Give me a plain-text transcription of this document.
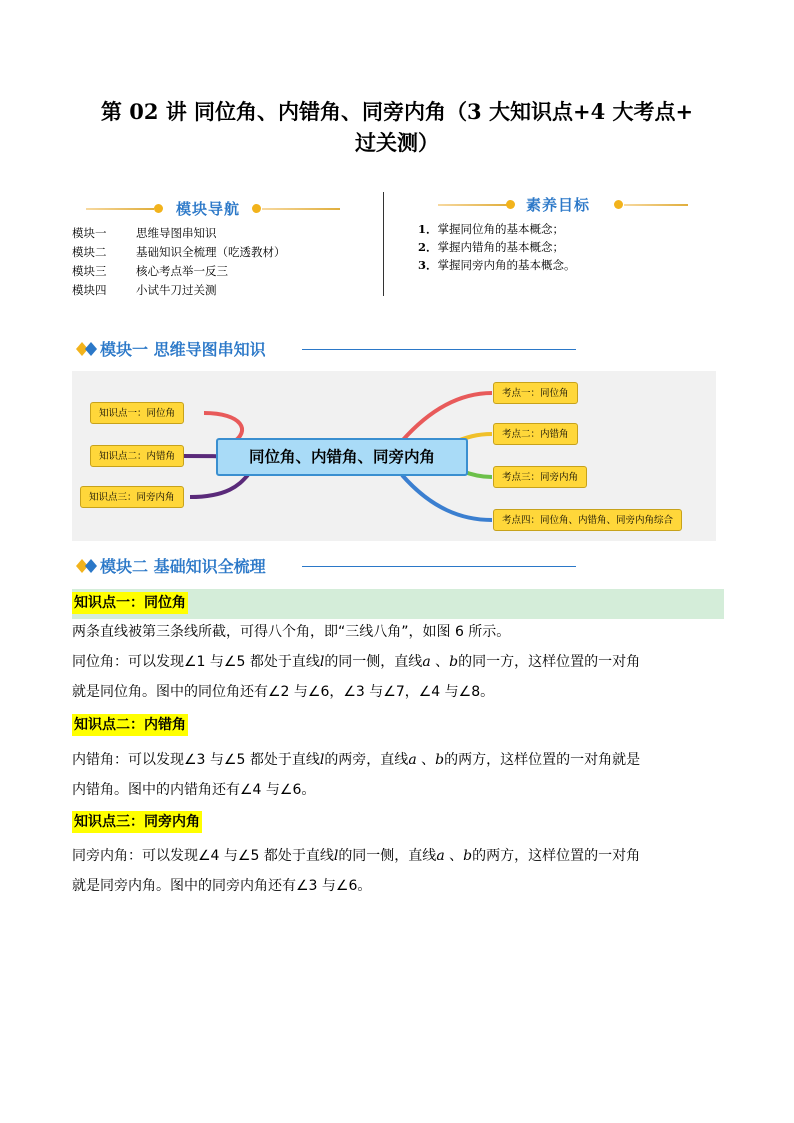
第 02 讲 同位角、内错角、同旁内角（3 大知识点+4 大考点+
过关测）
模块导航
模块一	思维导图串知识
模块二	基础知识全梳理（吃透教材）
模块三	核心考点举一反三
模块四	小试牛刀过关测
素养目标
1．掌握同位角的基本概念；
2．掌握内错角的基本概念；
3．掌握同旁内角的基本概念。
模块一 思维导图串知识
知识点一：同位角
知识点二：内错角
知识点三：同旁内角
同位角、内错角、同旁内角
考点一：同位角
考点二：内错角
考点三：同旁内角
考点四：同位角、内错角、同旁内角综合
模块二 基础知识全梳理
知识点一：同位角

两条直线被第三条线所截，可得八个角，即“三线八角”，如图 6 所示。

同位角：可以发现∠1 与∠5 都处于直线l的同一侧，直线a 、b的同一方，这样位置的一对角

就是同位角。图中的同位角还有∠2 与∠6，∠3 与∠7，∠4 与∠8。

知识点二：内错角

内错角：可以发现∠3 与∠5 都处于直线l的两旁，直线a 、b的两方，这样位置的一对角就是

内错角。图中的内错角还有∠4 与∠6。

知识点三：同旁内角

同旁内角：可以发现∠4 与∠5 都处于直线l的同一侧，直线a 、b的两方，这样位置的一对角

就是同旁内角。图中的同旁内角还有∠3 与∠6。
